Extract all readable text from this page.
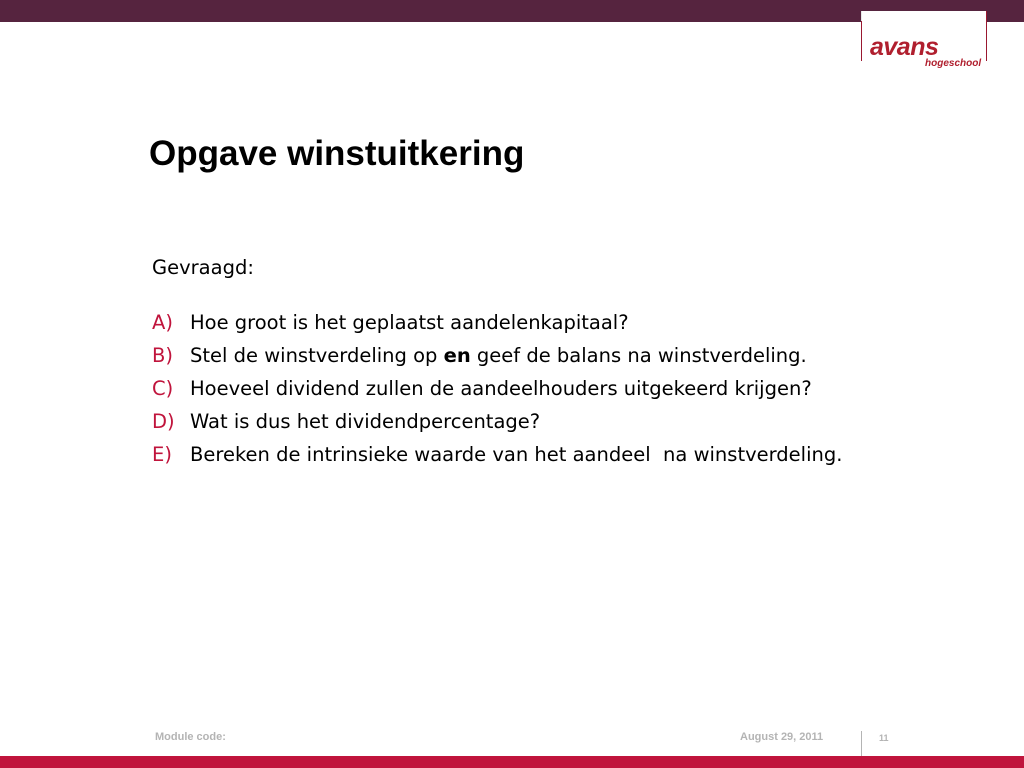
avans
hogeschool
Opgave winstuitkering

Gevraagd:

A) Hoe groot is het geplaatst aandelenkapitaal?
B) Stel de winstverdeling op en geef de balans na winstverdeling.
C) Hoeveel dividend zullen de aandeelhouders uitgekeerd krijgen?
D) Wat is dus het dividendpercentage?
E) Bereken de intrinsieke waarde van het aandeel  na winstverdeling.
Module code:	August 29, 2011	11
